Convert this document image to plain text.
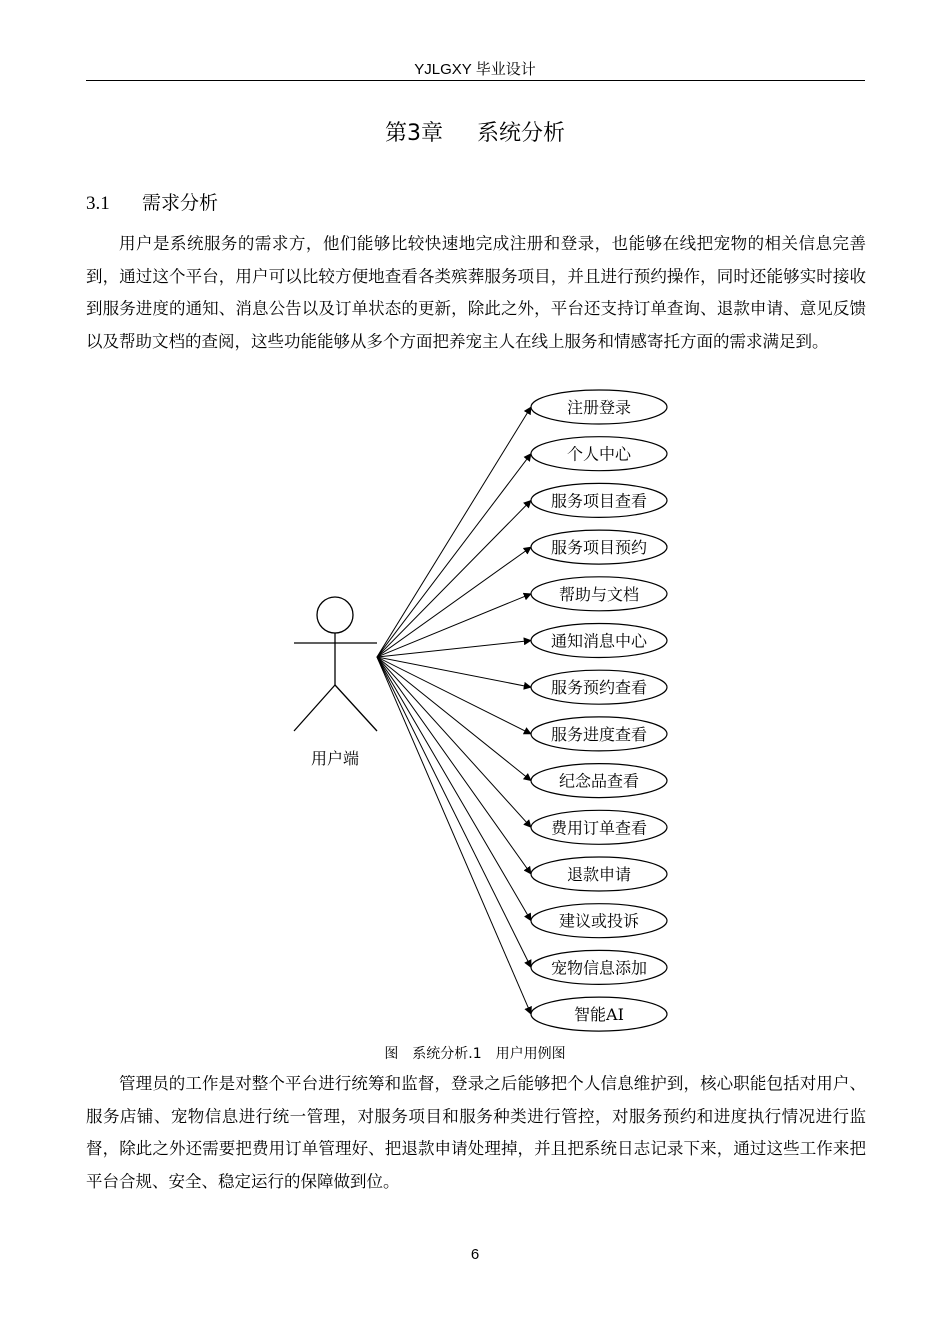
YJLGXY 毕业设计
第3章 系统分析
3.1 需求分析

用户是系统服务的需求方，他们能够比较快速地完成注册和登录，也能够在线把宠物的相关信息完善到，通过这个平台，用户可以比较方便地查看各类殡葬服务项目，并且进行预约操作，同时还能够实时接收到服务进度的通知、消息公告以及订单状态的更新，除此之外，平台还支持订单查询、退款申请、意见反馈以及帮助文档的查阅，这些功能能够从多个方面把养宠主人在线上服务和情感寄托方面的需求满足到。

用户端
注册登录
个人中心
服务项目查看
服务项目预约
帮助与文档
通知消息中心
服务预约查看
服务进度查看
纪念品查看
费用订单查看
退款申请
建议或投诉
宠物信息添加
智能AI
图　系统分析.1　用户用例图

管理员的工作是对整个平台进行统筹和监督，登录之后能够把个人信息维护到，核心职能包括对用户、服务店铺、宠物信息进行统一管理，对服务项目和服务种类进行管控，对服务预约和进度执行情况进行监督，除此之外还需要把费用订单管理好、把退款申请处理掉，并且把系统日志记录下来，通过这些工作来把平台合规、安全、稳定运行的保障做到位。

6
